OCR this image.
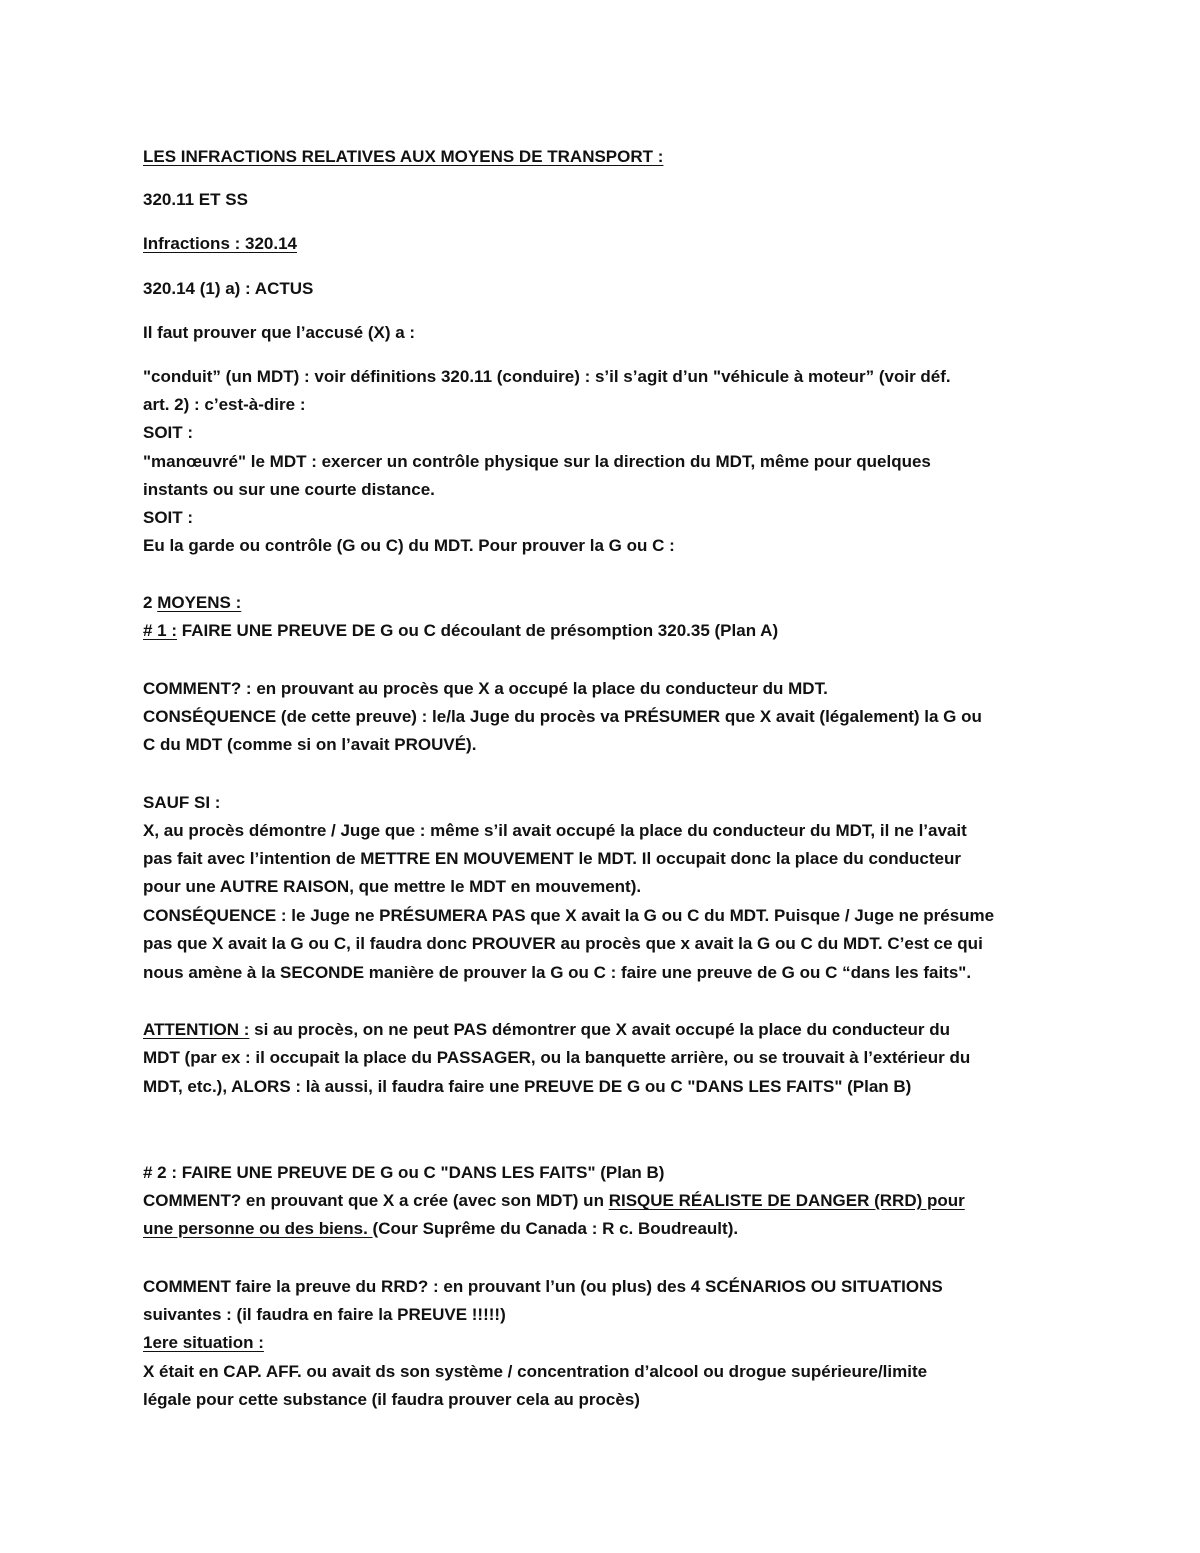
LES INFRACTIONS RELATIVES AUX MOYENS DE TRANSPORT :
320.11 ET SS
Infractions : 320.14
320.14 (1) a) : ACTUS
Il faut prouver que l’accusé (X) a :
"conduit” (un MDT) : voir définitions 320.11 (conduire) : s’il s’agit d’un "véhicule à moteur” (voir déf.
art. 2) : c’est-à-dire :
SOIT :
"manœuvré" le MDT : exercer un contrôle physique sur la direction du MDT, même pour quelques
instants ou sur une courte distance.
SOIT :
Eu la garde ou contrôle (G ou C) du MDT. Pour prouver la G ou C :
2 MOYENS :
# 1 : FAIRE UNE PREUVE DE G ou C découlant de présomption 320.35 (Plan A)
COMMENT? : en prouvant au procès que X a occupé la place du conducteur du MDT.
CONSÉQUENCE (de cette preuve) : le/la Juge du procès va PRÉSUMER que X avait (légalement) la G ou
C du MDT (comme si on l’avait PROUVÉ).
SAUF SI :
X, au procès démontre / Juge que : même s’il avait occupé la place du conducteur du MDT, il ne l’avait
pas fait avec l’intention de METTRE EN MOUVEMENT le MDT. Il occupait donc la place du conducteur
pour une AUTRE RAISON, que mettre le MDT en mouvement).
CONSÉQUENCE : le Juge ne PRÉSUMERA PAS que X avait la G ou C du MDT. Puisque / Juge ne présume
pas que X avait la G ou C, il faudra donc PROUVER au procès que x avait la G ou C du MDT. C’est ce qui
nous amène à la SECONDE manière de prouver la G ou C : faire une preuve de G ou C “dans les faits".
ATTENTION : si au procès, on ne peut PAS démontrer que X avait occupé la place du conducteur du
MDT (par ex : il occupait la place du PASSAGER, ou la banquette arrière, ou se trouvait à l’extérieur du
MDT, etc.), ALORS : là aussi, il faudra faire une PREUVE DE G ou C "DANS LES FAITS" (Plan B)
# 2 : FAIRE UNE PREUVE DE G ou C "DANS LES FAITS" (Plan B)
COMMENT? en prouvant que X a crée (avec son MDT) un RISQUE RÉALISTE DE DANGER (RRD) pour
une personne ou des biens. (Cour Suprême du Canada : R c. Boudreault).
COMMENT faire la preuve du RRD? : en prouvant l’un (ou plus) des 4 SCÉNARIOS OU SITUATIONS
suivantes : (il faudra en faire la PREUVE !!!!!)
1ere situation :
X était en CAP. AFF. ou avait ds son système / concentration d’alcool ou drogue supérieure/limite
légale pour cette substance (il faudra prouver cela au procès)
